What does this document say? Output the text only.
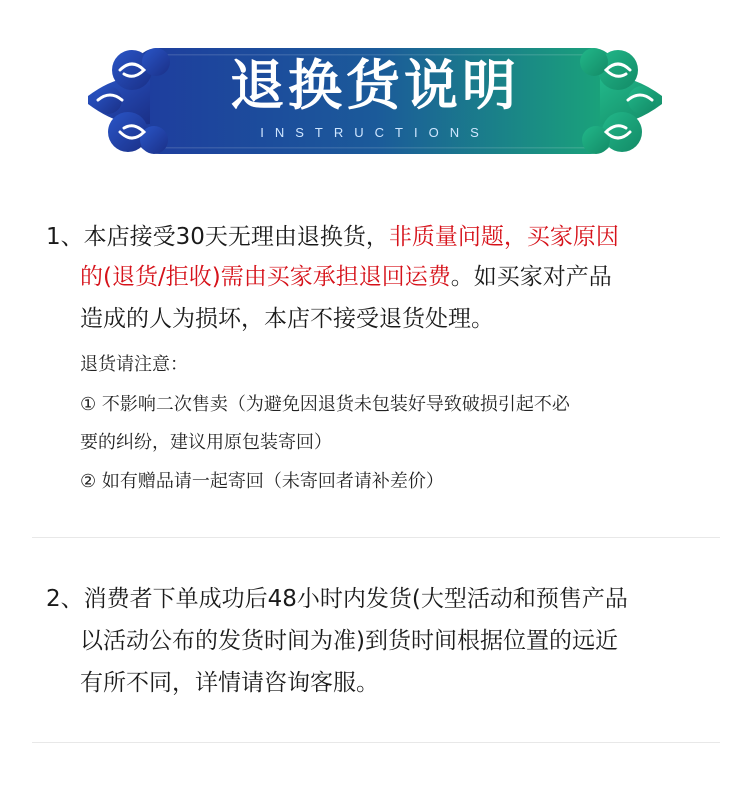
退换货说明
INSTRUCTIONS
1、本店接受30天无理由退换货，非质量问题，买家原因
的(退货/拒收)需由买家承担退回运费。如买家对产品
造成的人为损坏，本店不接受退货处理。
退货请注意：
① 不影响二次售卖（为避免因退货未包装好导致破损引起不必
要的纠纷，建议用原包装寄回）
② 如有赠品请一起寄回（未寄回者请补差价）
2、消费者下单成功后48小时内发货(大型活动和预售产品
以活动公布的发货时间为准)到货时间根据位置的远近
有所不同，详情请咨询客服。
